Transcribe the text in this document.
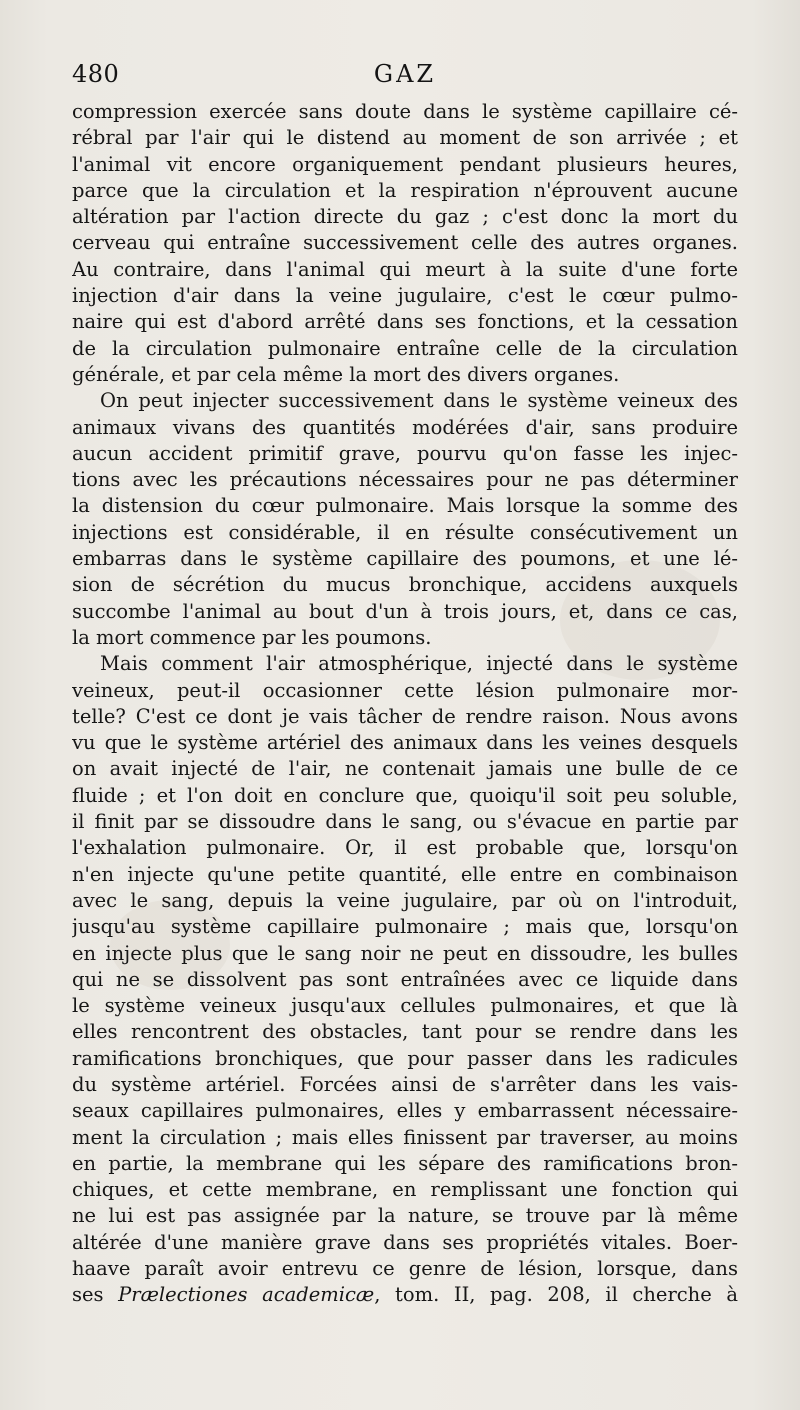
480	GAZ
compression exercée sans doute dans le système capillaire cé-
rébral par l'air qui le distend au moment de son arrivée ; et
l'animal vit encore organiquement pendant plusieurs heures,
parce que la circulation et la respiration n'éprouvent aucune
altération par l'action directe du gaz ; c'est donc la mort du
cerveau qui entraîne successivement celle des autres organes.
Au contraire, dans l'animal qui meurt à la suite d'une forte
injection d'air dans la veine jugulaire, c'est le cœur pulmo-
naire qui est d'abord arrêté dans ses fonctions, et la cessation
de la circulation pulmonaire entraîne celle de la circulation
générale, et par cela même la mort des divers organes.
On peut injecter successivement dans le système veineux des
animaux vivans des quantités modérées d'air, sans produire
aucun accident primitif grave, pourvu qu'on fasse les injec-
tions avec les précautions nécessaires pour ne pas déterminer
la distension du cœur pulmonaire. Mais lorsque la somme des
injections est considérable, il en résulte consécutivement un
embarras dans le système capillaire des poumons, et une lé-
sion de sécrétion du mucus bronchique, accidens auxquels
succombe l'animal au bout d'un à trois jours, et, dans ce cas,
la mort commence par les poumons.
Mais comment l'air atmosphérique, injecté dans le système
veineux, peut-il occasionner cette lésion pulmonaire mor-
telle? C'est ce dont je vais tâcher de rendre raison. Nous avons
vu que le système artériel des animaux dans les veines desquels
on avait injecté de l'air, ne contenait jamais une bulle de ce
fluide ; et l'on doit en conclure que, quoiqu'il soit peu soluble,
il finit par se dissoudre dans le sang, ou s'évacue en partie par
l'exhalation pulmonaire. Or, il est probable que, lorsqu'on
n'en injecte qu'une petite quantité, elle entre en combinaison
avec le sang, depuis la veine jugulaire, par où on l'introduit,
jusqu'au système capillaire pulmonaire ; mais que, lorsqu'on
en injecte plus que le sang noir ne peut en dissoudre, les bulles
qui ne se dissolvent pas sont entraînées avec ce liquide dans
le système veineux jusqu'aux cellules pulmonaires, et que là
elles rencontrent des obstacles, tant pour se rendre dans les
ramifications bronchiques, que pour passer dans les radicules
du système artériel. Forcées ainsi de s'arrêter dans les vais-
seaux capillaires pulmonaires, elles y embarrassent nécessaire-
ment la circulation ; mais elles finissent par traverser, au moins
en partie, la membrane qui les sépare des ramifications bron-
chiques, et cette membrane, en remplissant une fonction qui
ne lui est pas assignée par la nature, se trouve par là même
altérée d'une manière grave dans ses propriétés vitales. Boer-
haave paraît avoir entrevu ce genre de lésion, lorsque, dans
ses Prælectiones academicæ, tom. II, pag. 208, il cherche à
